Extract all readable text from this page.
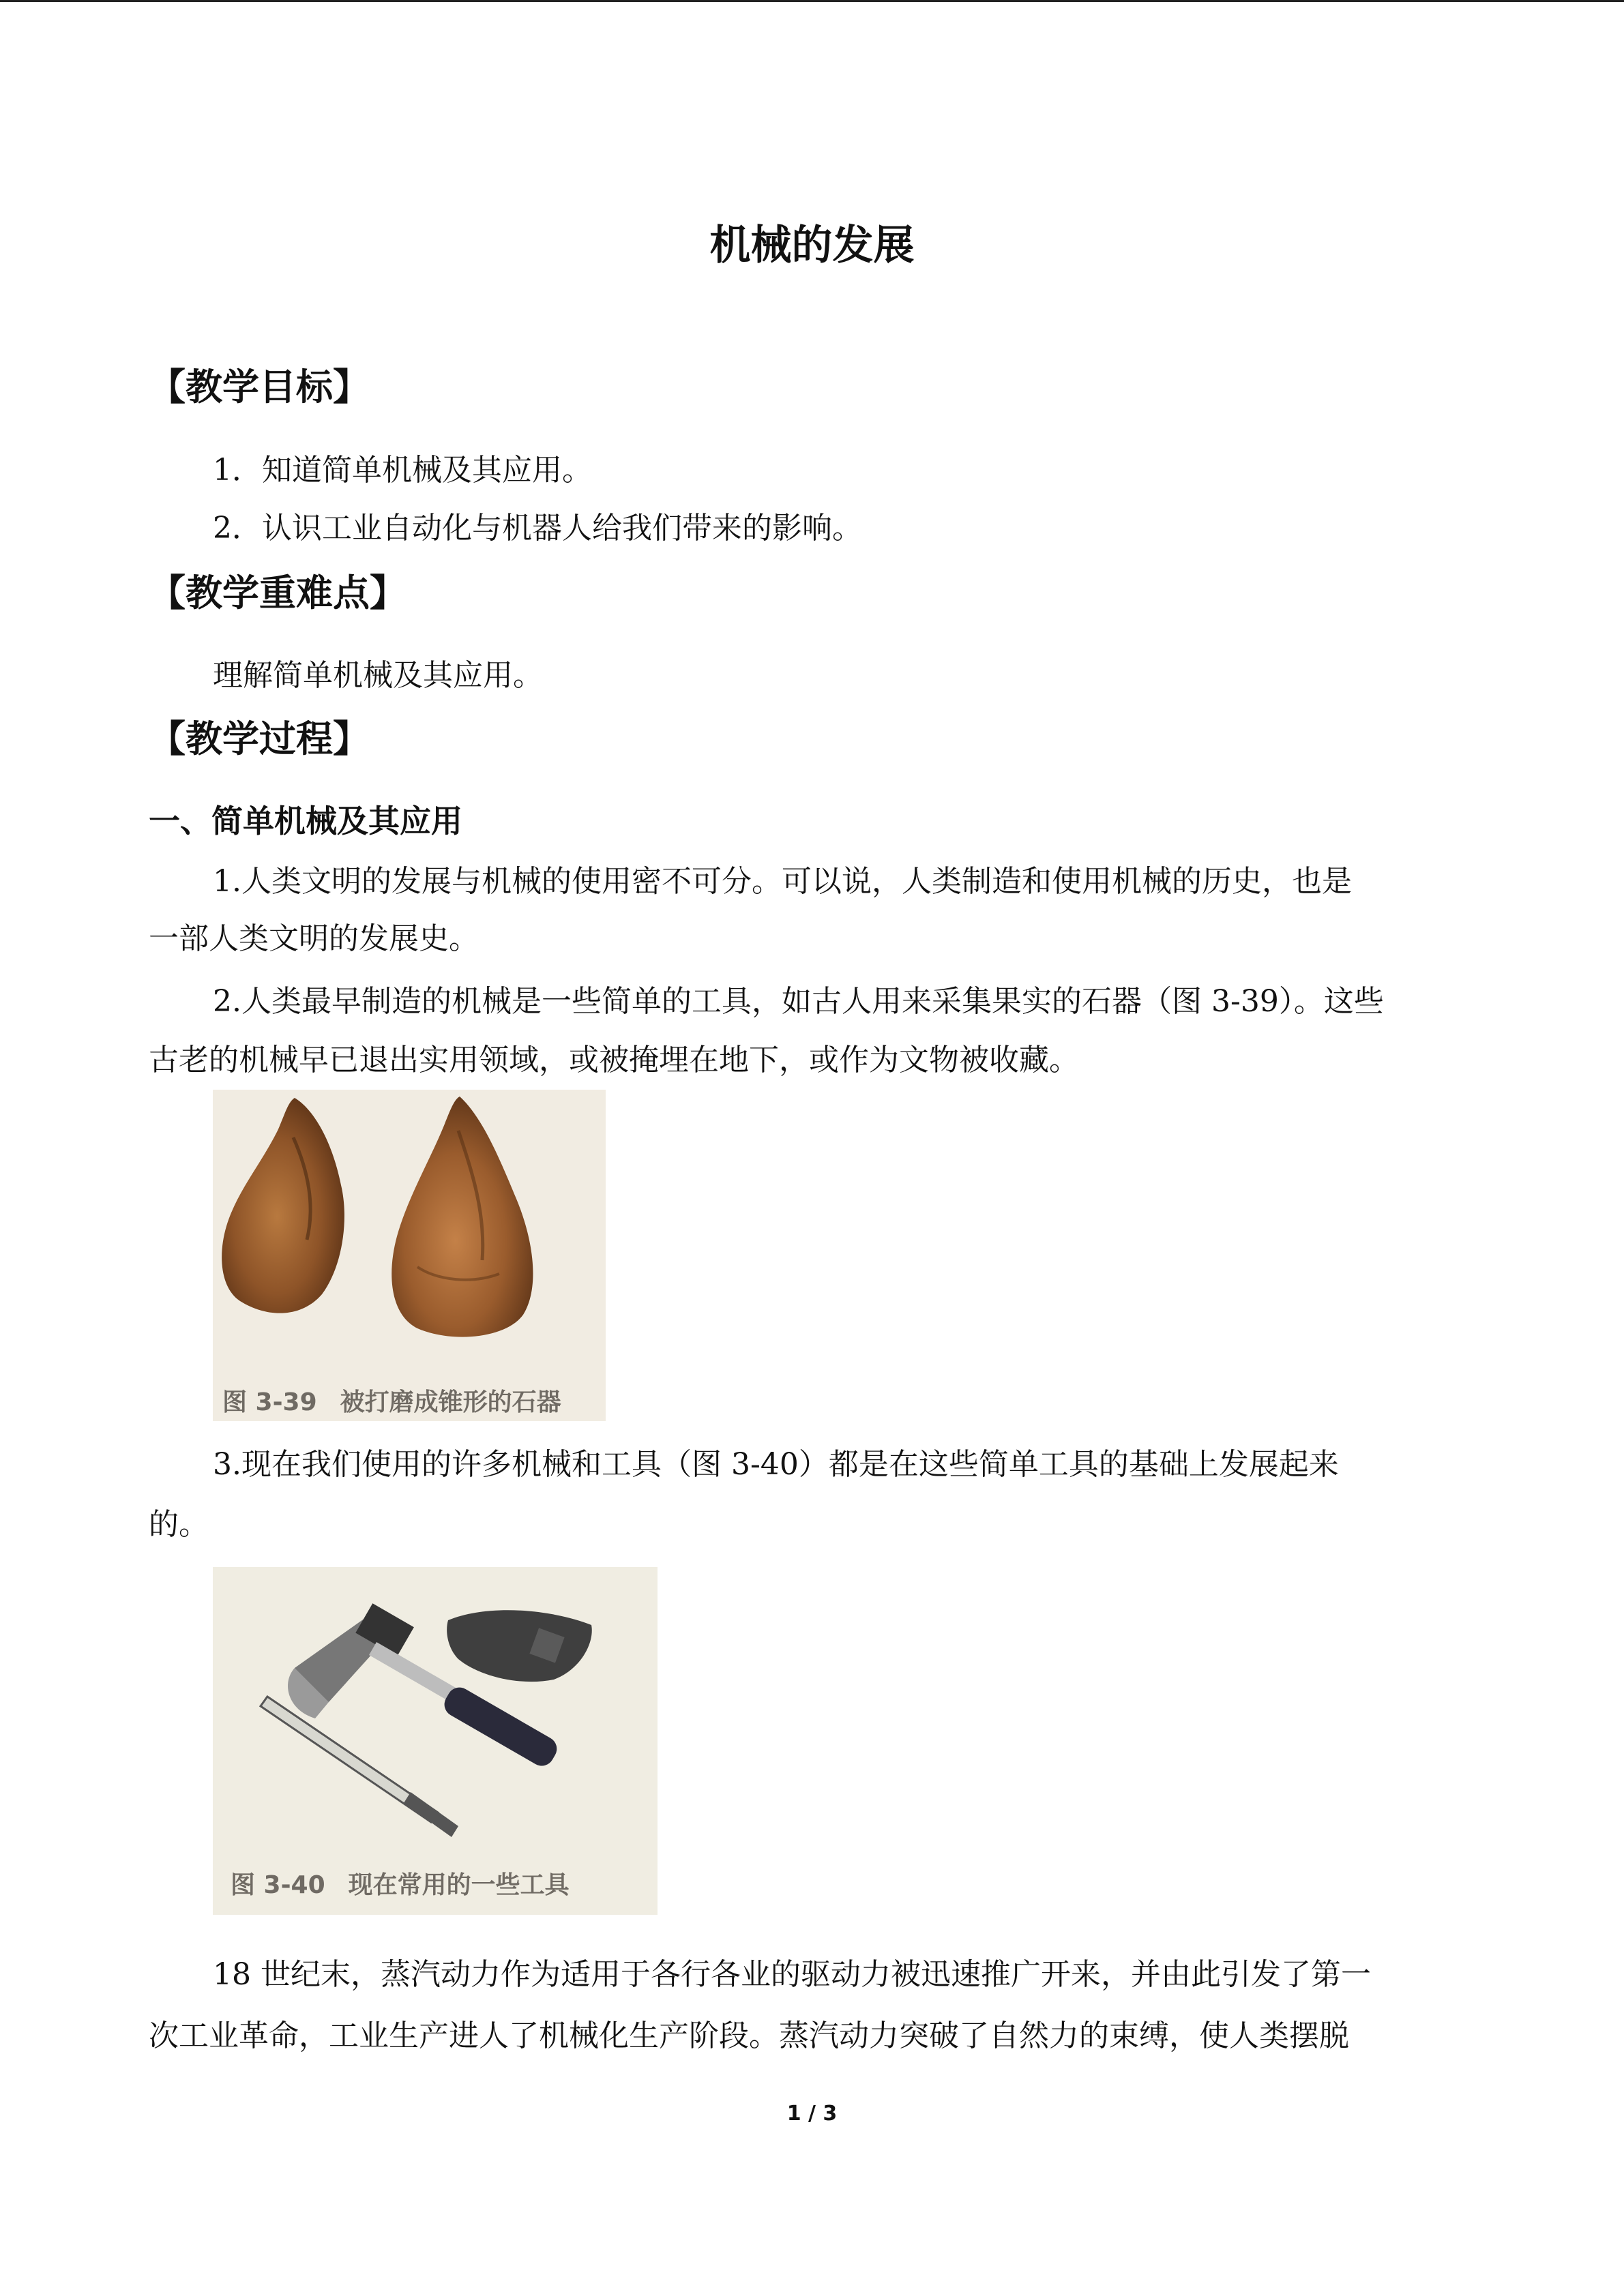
机械的发展
【教学目标】
1．知道简单机械及其应用。
2．认识工业自动化与机器人给我们带来的影响。
【教学重难点】
理解简单机械及其应用。
【教学过程】
一、简单机械及其应用
1.人类文明的发展与机械的使用密不可分。可以说，人类制造和使用机械的历史，也是
一部人类文明的发展史。
2.人类最早制造的机械是一些简单的工具，如古人用来采集果实的石器（图 3-39）。这些
古老的机械早已退出实用领域，或被掩埋在地下，或作为文物被收藏。
图 3-39 被打磨成锥形的石器
3.现在我们使用的许多机械和工具（图 3-40）都是在这些简单工具的基础上发展起来
的。
图 3-40 现在常用的一些工具
18 世纪末，蒸汽动力作为适用于各行各业的驱动力被迅速推广开来，并由此引发了第一
次工业革命，工业生产进人了机械化生产阶段。蒸汽动力突破了自然力的束缚，使人类摆脱
1 / 3
